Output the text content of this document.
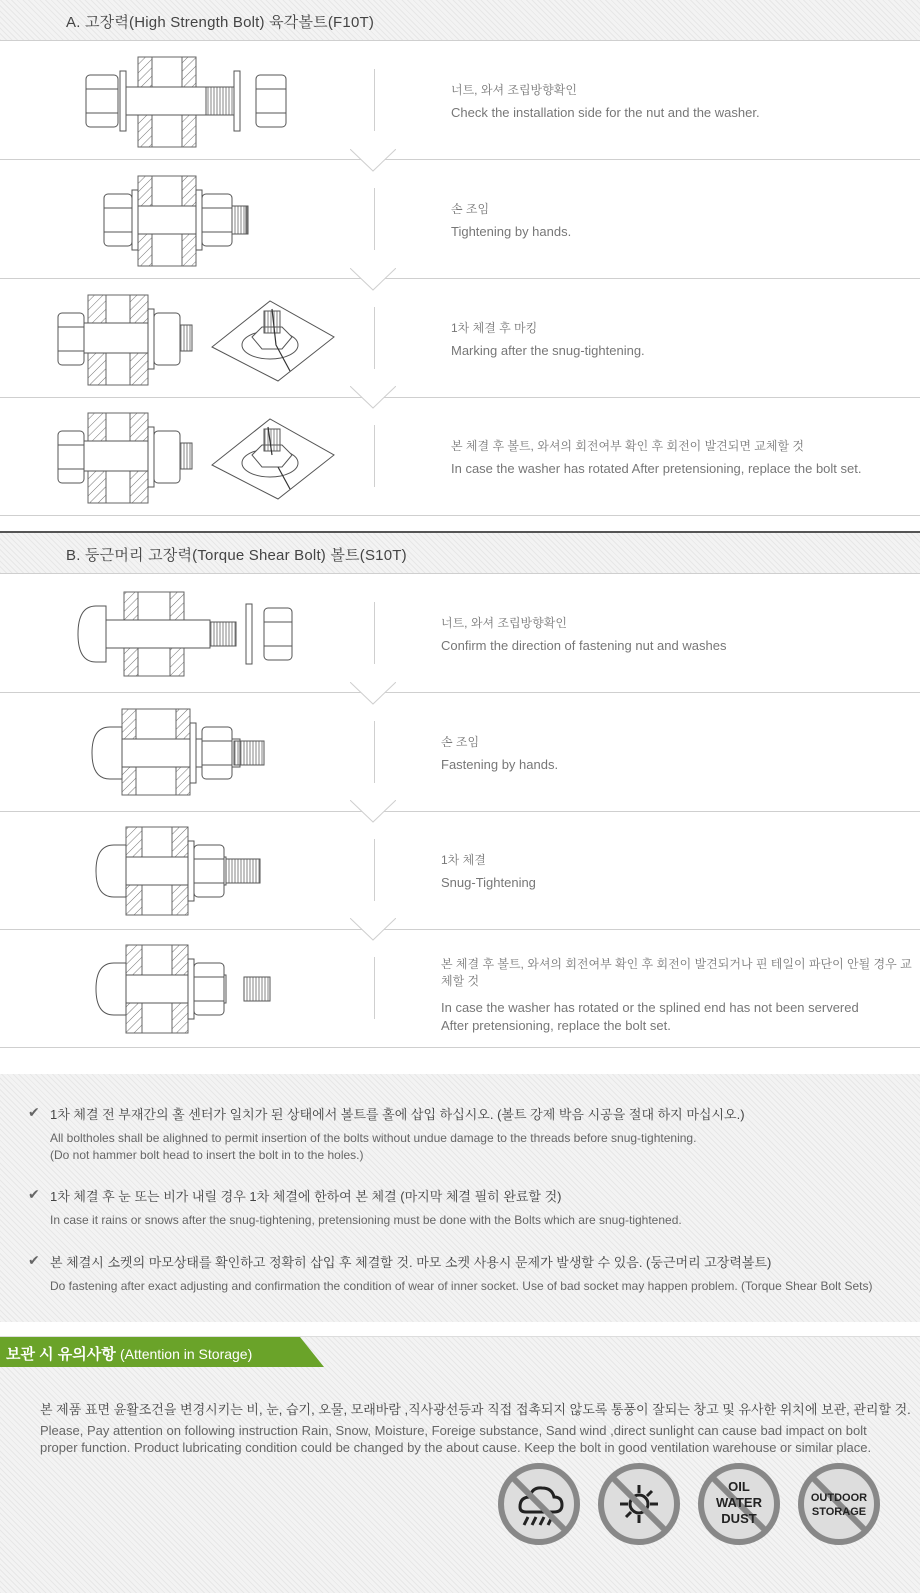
A. 고장력(High Strength Bolt) 육각볼트(F10T)
너트, 와셔 조립방향확인
Check the installation side for the nut and the washer.
손 조임
Tightening by hands.
1차 체결 후 마킹
Marking after the snug-tightening.
본 체결 후 볼트, 와셔의 회전여부 확인 후 회전이 발견되면 교체할 것
In case the washer has rotated After pretensioning, replace the bolt set.
B. 둥근머리 고장력(Torque Shear Bolt) 볼트(S10T)
너트, 와셔 조립방향확인
Confirm the direction of fastening nut and washes
손 조임
Fastening by hands.
1차 체결
Snug-Tightening
본 체결 후 볼트, 와셔의 회전여부 확인 후 회전이 발견되거나 핀 테일이 파단이 안될 경우 교체할 것
In case the washer has rotated or the splined end has not been servered
After pretensioning, replace the bolt set.
✔ 1차 체결 전 부재간의 홀 센터가 일치가 된 상태에서 볼트를 홀에 삽입 하십시오. (볼트 강제 박음 시공을 절대 하지 마십시오.)
All boltholes shall be alighned to permit insertion of the bolts without undue damage to the threads before snug-tightening.
(Do not hammer bolt head to insert the bolt in to the holes.)
✔ 1차 체결 후 눈 또는 비가 내릴 경우 1차 체결에 한하여 본 체결 (마지막 체결 필히 완료할 것)
In case it rains or snows after the snug-tightening, pretensioning must be done with the Bolts which are snug-tightened.
✔ 본 체결시 소켓의 마모상태를 확인하고 정확히 삽입 후 체결할 것. 마모 소켓 사용시 문제가 발생할 수 있음. (둥근머리 고장력볼트)
Do fastening after exact adjusting and confirmation the condition of wear of inner socket. Use of bad socket may happen problem. (Torque Shear Bolt Sets)
보관 시 유의사항 (Attention in Storage)
본 제품 표면 윤활조건을 변경시키는 비, 눈, 습기, 오물, 모래바람 ,직사광선등과 직접 접촉되지 않도록 통풍이 잘되는 창고 및 유사한 위치에 보관, 관리할 것.
Please, Pay attention on following instruction Rain, Snow, Moisture, Foreige substance, Sand wind ,direct sunlight can cause bad impact on bolt proper function. Product lubricating condition could be changed by the about cause. Keep the bolt in good ventilation warehouse or similar place.
OIL
WATER
DUST
OUTDOOR
STORAGE
